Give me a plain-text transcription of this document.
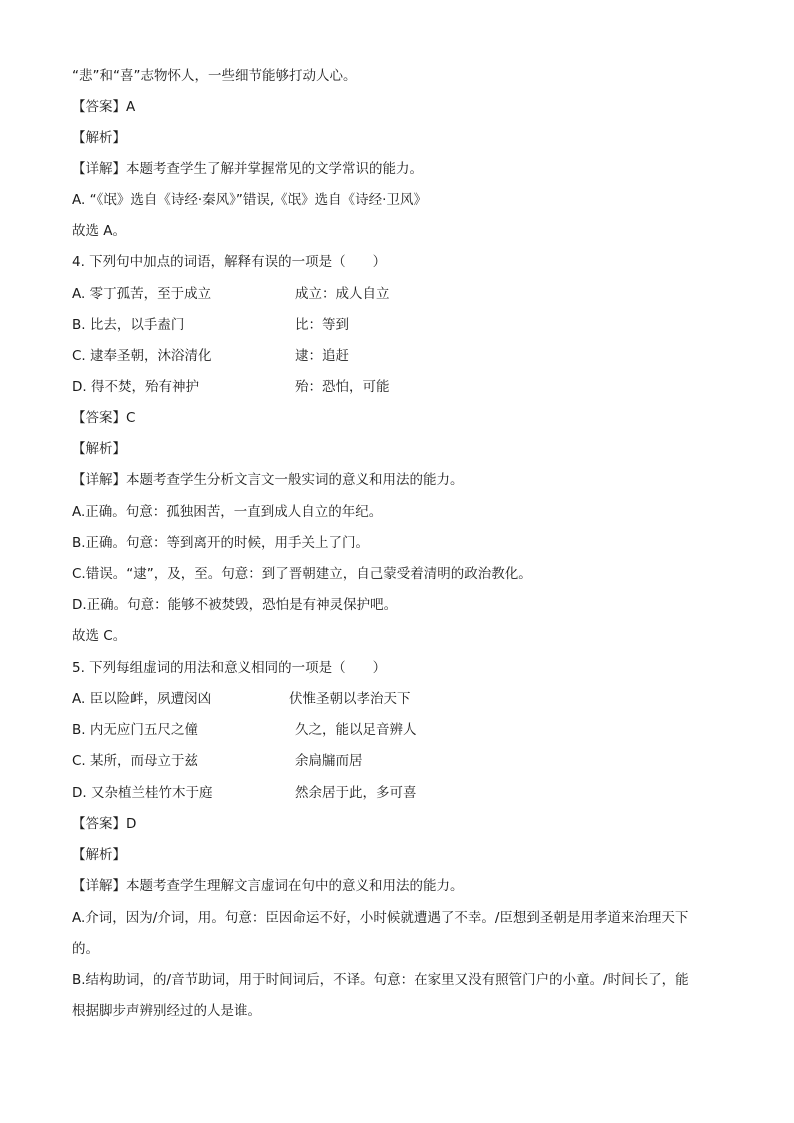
“悲”和“喜”志物怀人，一些细节能够打动人心。
【答案】A
【解析】
【详解】本题考查学生了解并掌握常见的文学常识的能力。
A. “《氓》选自《诗经·秦风》”错误,《氓》选自《诗经·卫风》
故选 A。
4. 下列句中加点的词语，解释有误的一项是（　　）
A. 零丁孤苦，至于成立	成立：成人自立
B. 比去，以手盍门	比：等到
C. 逮奉圣朝，沐浴清化	逮：追赶
D. 得不焚，殆有神护	殆：恐怕，可能
【答案】C
【解析】
【详解】本题考查学生分析文言文一般实词的意义和用法的能力。
A.正确。句意：孤独困苦，一直到成人自立的年纪。
B.正确。句意：等到离开的时候，用手关上了门。
C.错误。“逮”，及，至。句意：到了晋朝建立，自己蒙受着清明的政治教化。
D.正确。句意：能够不被焚毁，恐怕是有神灵保护吧。
故选 C。
5. 下列每组虚词的用法和意义相同的一项是（　　）
A. 臣以险衅，夙遭闵凶	伏惟圣朝以孝治天下
B. 内无应门五尺之僮	久之，能以足音辨人
C. 某所，而母立于兹	余扃牖而居
D. 又杂植兰桂竹木于庭	然余居于此，多可喜
【答案】D
【解析】
【详解】本题考查学生理解文言虚词在句中的意义和用法的能力。
A.介词，因为/介词，用。句意：臣因命运不好，小时候就遭遇了不幸。/臣想到圣朝是用孝道来治理天下
的。
B.结构助词，的/音节助词，用于时间词后，不译。句意：在家里又没有照管门户的小童。/时间长了，能
根据脚步声辨别经过的人是谁。
